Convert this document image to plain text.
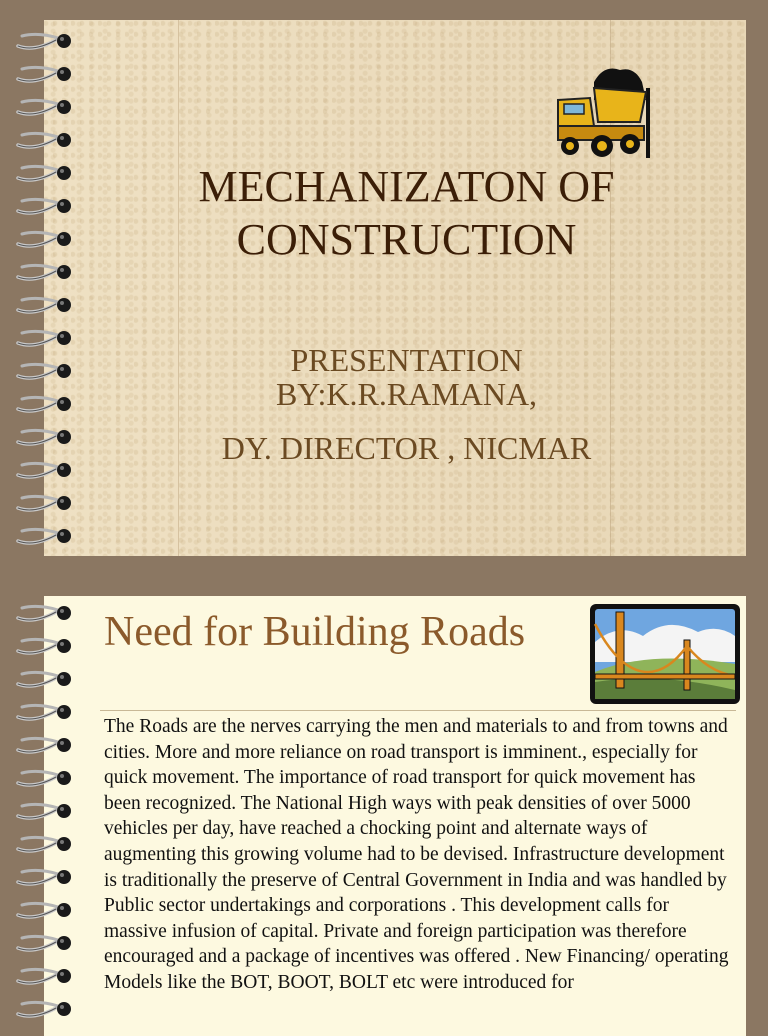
MECHANIZATON OF
CONSTRUCTION
PRESENTATION
BY:K.R.RAMANA,
DY. DIRECTOR , NICMAR
Need for Building Roads
The Roads are the nerves carrying the men and materials to and from towns and cities. More and more reliance on road transport is imminent., especially for quick movement. The importance of road transport for quick movement has been recognized. The National High ways with peak densities of over 5000 vehicles per day, have reached a chocking point and alternate ways of augmenting this growing volume had to be devised. Infrastructure development is traditionally the preserve of Central Government in India and was handled by Public sector undertakings and corporations . This development calls for massive infusion of capital. Private and foreign participation was therefore encouraged and a package of incentives was offered . New Financing/ operating Models like the BOT, BOOT, BOLT etc were introduced for
